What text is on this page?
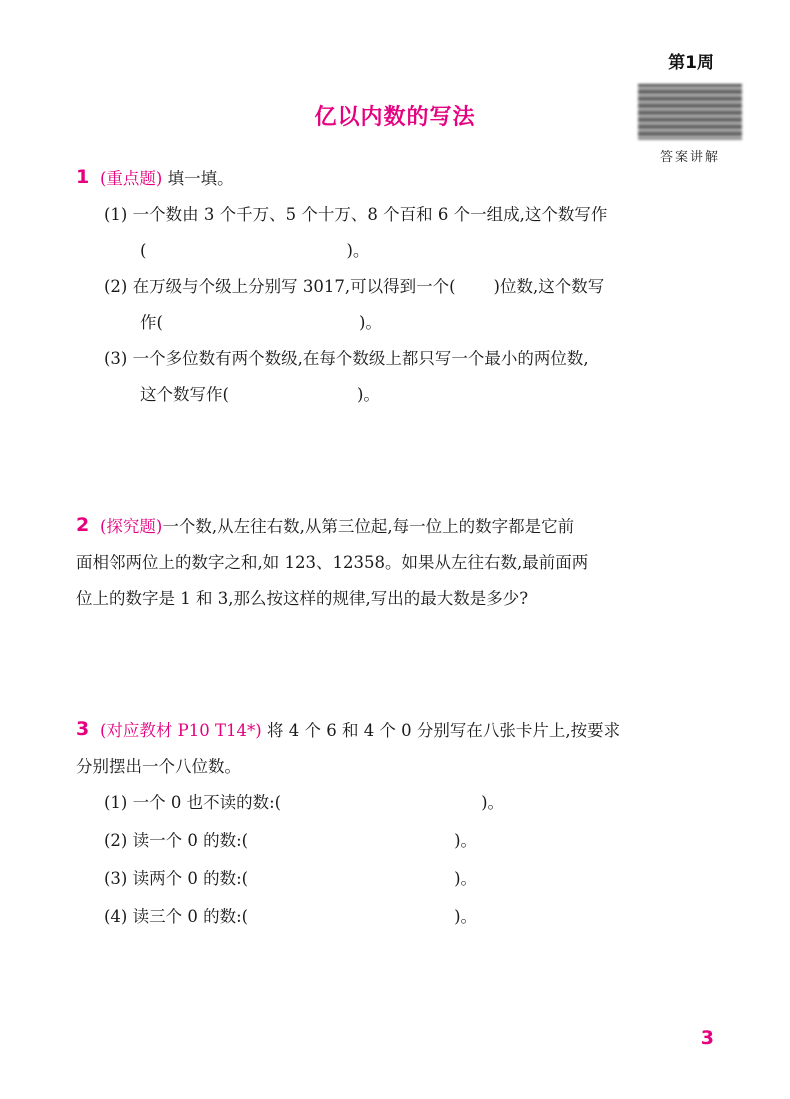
第1周
亿以内数的写法
答案讲解
1 (重点题) 填一填。
(1) 一个数由 3 个千万、5 个十万、8 个百和 6 个一组成,这个数写作
(	)。
(2) 在万级与个级上分别写 3017,可以得到一个( )位数,这个数写
作(	)。
(3) 一个多位数有两个数级,在每个数级上都只写一个最小的两位数,
这个数写作(	)。
2 (探究题)一个数,从左往右数,从第三位起,每一位上的数字都是它前
面相邻两位上的数字之和,如 123、12358。如果从左往右数,最前面两
位上的数字是 1 和 3,那么按这样的规律,写出的最大数是多少?
3 (对应教材 P10 T14*) 将 4 个 6 和 4 个 0 分别写在八张卡片上,按要求
分别摆出一个八位数。
(1) 一个 0 也不读的数:(	)。
(2) 读一个 0 的数:(	)。
(3) 读两个 0 的数:(	)。
(4) 读三个 0 的数:(	)。
3
